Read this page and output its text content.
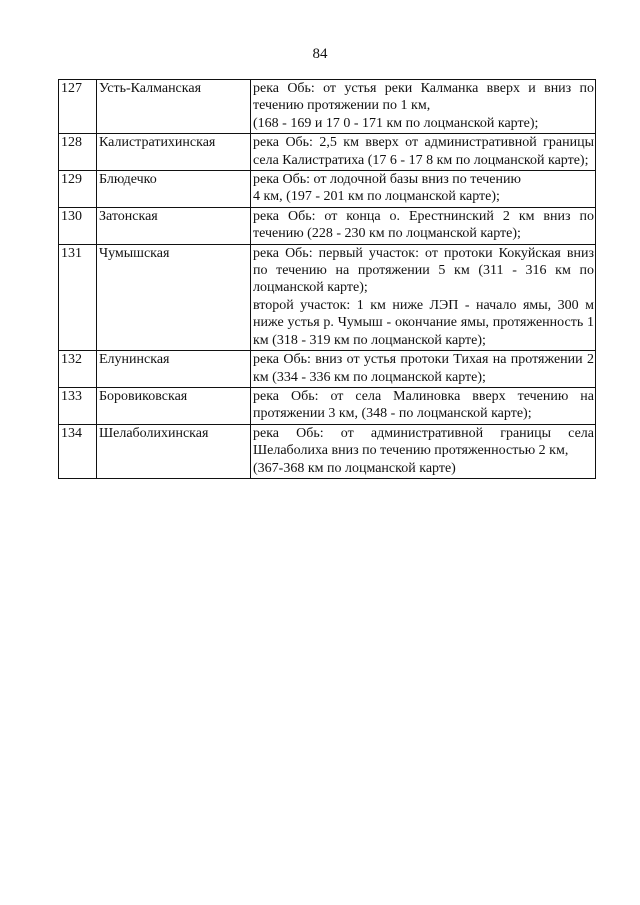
84
127	Усть-Калманская	река Обь: от устья реки Калманка вверх и вниз по течению протяжении по 1 км,
(168 - 169 и 17 0 - 171 км по лоцманской карте);
128	Калистратихинская	река Обь: 2,5 км вверх от административной границы села Калистратиха (17 6 - 17 8 км по лоцманской карте);
129	Блюдечко	река Обь: от лодочной базы вниз по течению
4 км, (197 - 201 км по лоцманской карте);
130	Затонская	река Обь: от конца о. Ерестнинский 2 км вниз по течению (228 - 230 км по лоцманской карте);
131	Чумышская	река Обь: первый участок: от протоки Кокуйская вниз по течению на протяжении 5 км (311 - 316 км по лоцманской карте);
второй участок: 1 км ниже ЛЭП - начало ямы, 300 м ниже устья р. Чумыш - окончание ямы, протяженность 1 км (318 - 319 км по лоцманской карте);
132	Елунинская	река Обь: вниз от устья протоки Тихая на протяжении 2 км (334 - 336 км по лоцманской карте);
133	Боровиковская	река Обь: от села Малиновка вверх течению на протяжении 3 км, (348 - по лоцманской карте);
134	Шелаболихинская	река Обь: от административной границы села Шелаболиха вниз по течению протяженностью 2 км,
(367-368 км по лоцманской карте)
